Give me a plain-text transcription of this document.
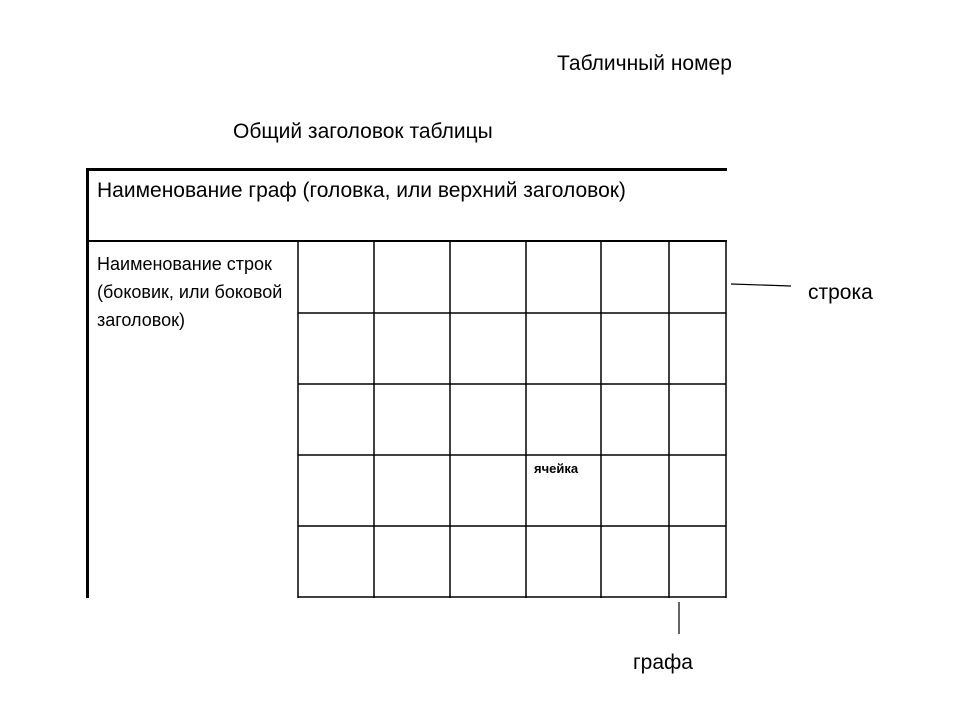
Табличный номер
Общий заголовок таблицы
Наименование граф (головка, или верхний заголовок)
Наименование строк (боковик, или боковой заголовок)
ячейка
строка
графа
